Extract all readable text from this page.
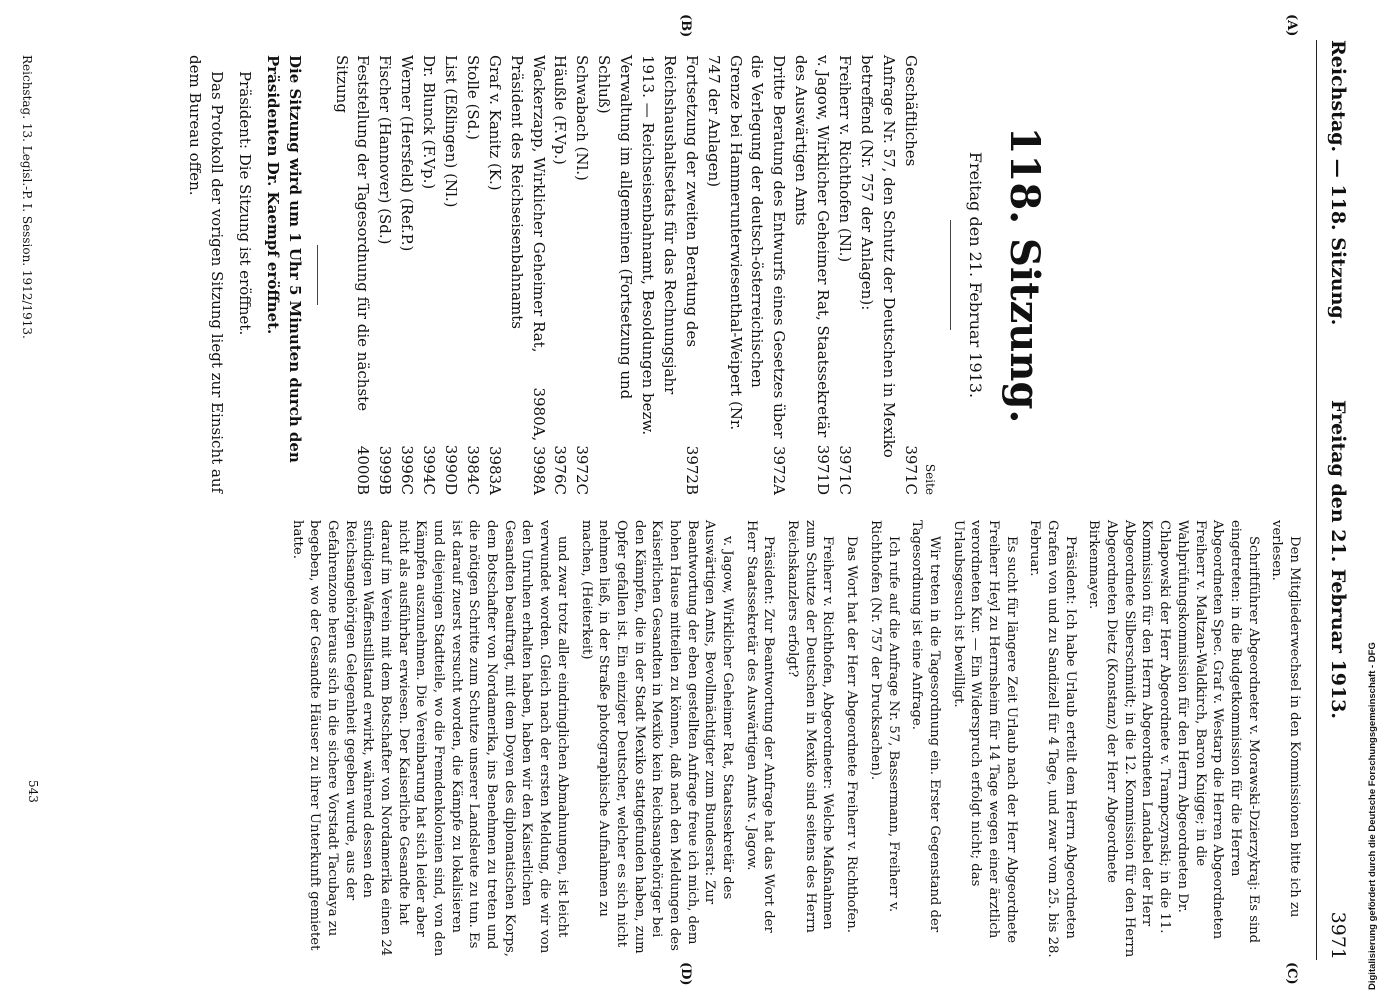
Reichstag. — 118. Sitzung.
Freitag den 21. Februar 1913.
3971
(A)
(B)
(C)
(D)
118. Sitzung.
Freitag den 21. Februar 1913.
Seite
Geschäftliches
3971C
Anfrage Nr. 57, den Schutz der Deutschen in Mexiko betreffend (Nr. 757 der Anlagen):
Freiherr v. Richthofen (Nl.)
3971C
v. Jagow, Wirklicher Geheimer Rat, Staatssekretär des Auswärtigen Amts
3971D
Dritte Beratung des Entwurfs eines Gesetzes über die Verlegung der deutsch-österreichischen Grenze bei Hammerunterwiesenthal-Weipert (Nr. 747 der Anlagen)
3972A
Fortsetzung der zweiten Beratung des Reichshaushaltsetats für das Rechnungsjahr 1913. — Reichseisenbahnamt, Besoldungen bezw. Verwaltung im allgemeinen (Fortsetzung und Schluß)
3972B
Schwabach (Nl.)
3972C
Häußle (F.Vp.)
3976C
Wackerzapp, Wirklicher Geheimer Rat, Präsident des Reichseisenbahnamts
3980A, 3998A
Graf v. Kanitz (K.)
3983A
Stolle (Sd.)
3984C
List (Eßlingen) (Nl.)
3990D
Dr. Blunck (F.Vp.)
3994C
Werner (Hersfeld) (Ref.P.)
3996C
Fischer (Hannover) (Sd.)
3999B
Feststellung der Tagesordnung für die nächste Sitzung
4000B

Die Sitzung wird um 1 Uhr 5 Minuten durch den Präsidenten Dr. Kaempf eröffnet.

Präsident: Die Sitzung ist eröffnet.

Das Protokoll der vorigen Sitzung liegt zur Einsicht auf dem Bureau offen.

Den Mitgliederwechsel in den Kommissionen bitte ich zu verlesen.

Schriftführer Abgeordneter v. Morawski-Dzierzykraj: Es sind eingetreten: in die Budgetkommission für die Herren Abgeordneten Spec. Graf v. Westarp die Herren Abgeordneten Freiherr v. Maltzan-Waldkirch, Baron Knigge; in die Wahlprüfungskommission für den Herrn Abgeordneten Dr. Chlapowski der Herr Abgeordnete v. Trampczynski; in die 11. Kommission für den Herrn Abgeordneten Landabel der Herr Abgeordnete Silberschmidt; in die 12. Kommission für den Herrn Abgeordneten Dietz (Konstanz) der Herr Abgeordnete Birkenmayer.

Präsident: Ich habe Urlaub erteilt dem Herrn Abgeordneten Grafen von und zu Sandizell für 4 Tage, und zwar vom 25. bis 28. Februar.

Es sucht für längere Zeit Urlaub nach der Herr Abgeordnete Freiherr Heyl zu Herrnsheim für 14 Tage wegen einer ärztlich verordneten Kur. — Ein Widerspruch erfolgt nicht; das Urlaubsgesuch ist bewilligt.

Wir treten in die Tagesordnung ein. Erster Gegenstand der Tagesordnung ist eine Anfrage.

Ich rufe auf die Anfrage Nr. 57, Bassermann, Freiherr v. Richthofen (Nr. 757 der Drucksachen).

Das Wort hat der Herr Abgeordnete Freiherr v. Richthofen.

Freiherr v. Richthofen, Abgeordneter: Welche Maßnahmen zum Schutze der Deutschen in Mexiko sind seitens des Herrn Reichskanzlers erfolgt?

Präsident: Zur Beantwortung der Anfrage hat das Wort der Herr Staatssekretär des Auswärtigen Amts v. Jagow.

v. Jagow, Wirklicher Geheimer Rat, Staatssekretär des Auswärtigen Amts, Bevollmächtigter zum Bundesrat: Zur Beantwortung der eben gestellten Anfrage freue ich mich, dem hohen Hause mitteilen zu können, daß nach den Meldungen des Kaiserlichen Gesandten in Mexiko kein Reichsangehöriger bei den Kämpfen, die in der Stadt Mexiko stattgefunden haben, zum Opfer gefallen ist. Ein einziger Deutscher, welcher es sich nicht nehmen ließ, in der Straße photographische Aufnahmen zu machen, (Heiterkeit)

und zwar trotz aller eindringlichen Abmahnungen, ist leicht verwundet worden. Gleich nach der ersten Meldung, die wir von den Unruhen erhalten haben, haben wir den Kaiserlichen Gesandten beauftragt, mit dem Doyen des diplomatischen Korps, dem Botschafter von Nordamerika, ins Benehmen zu treten und die nötigen Schritte zum Schutze unserer Landsleute zu tun. Es ist darauf zuerst versucht worden, die Kämpfe zu lokalisieren und diejenigen Stadtteile, wo die Fremdenkolonien sind, von den Kämpfen auszunehmen. Die Vereinbarung hat sich leider aber nicht als ausführbar erwiesen. Der Kaiserliche Gesandte hat darauf im Verein mit dem Botschafter von Nordamerika einen 24 stündigen Waffenstillstand erwirkt, während dessen den Reichsangehörigen Gelegenheit gegeben wurde, aus der Gefahrenzone heraus sich in die sichere Vorstadt Tacubaya zu begeben, wo der Gesandte Häuser zu ihrer Unterkunft gemietet hatte.

Reichstag. 13. Legisl.-P. I. Session. 1912/1913.
543	Digitalisierung gefördert durch die Deutsche Forschungsgemeinschaft - DFG
